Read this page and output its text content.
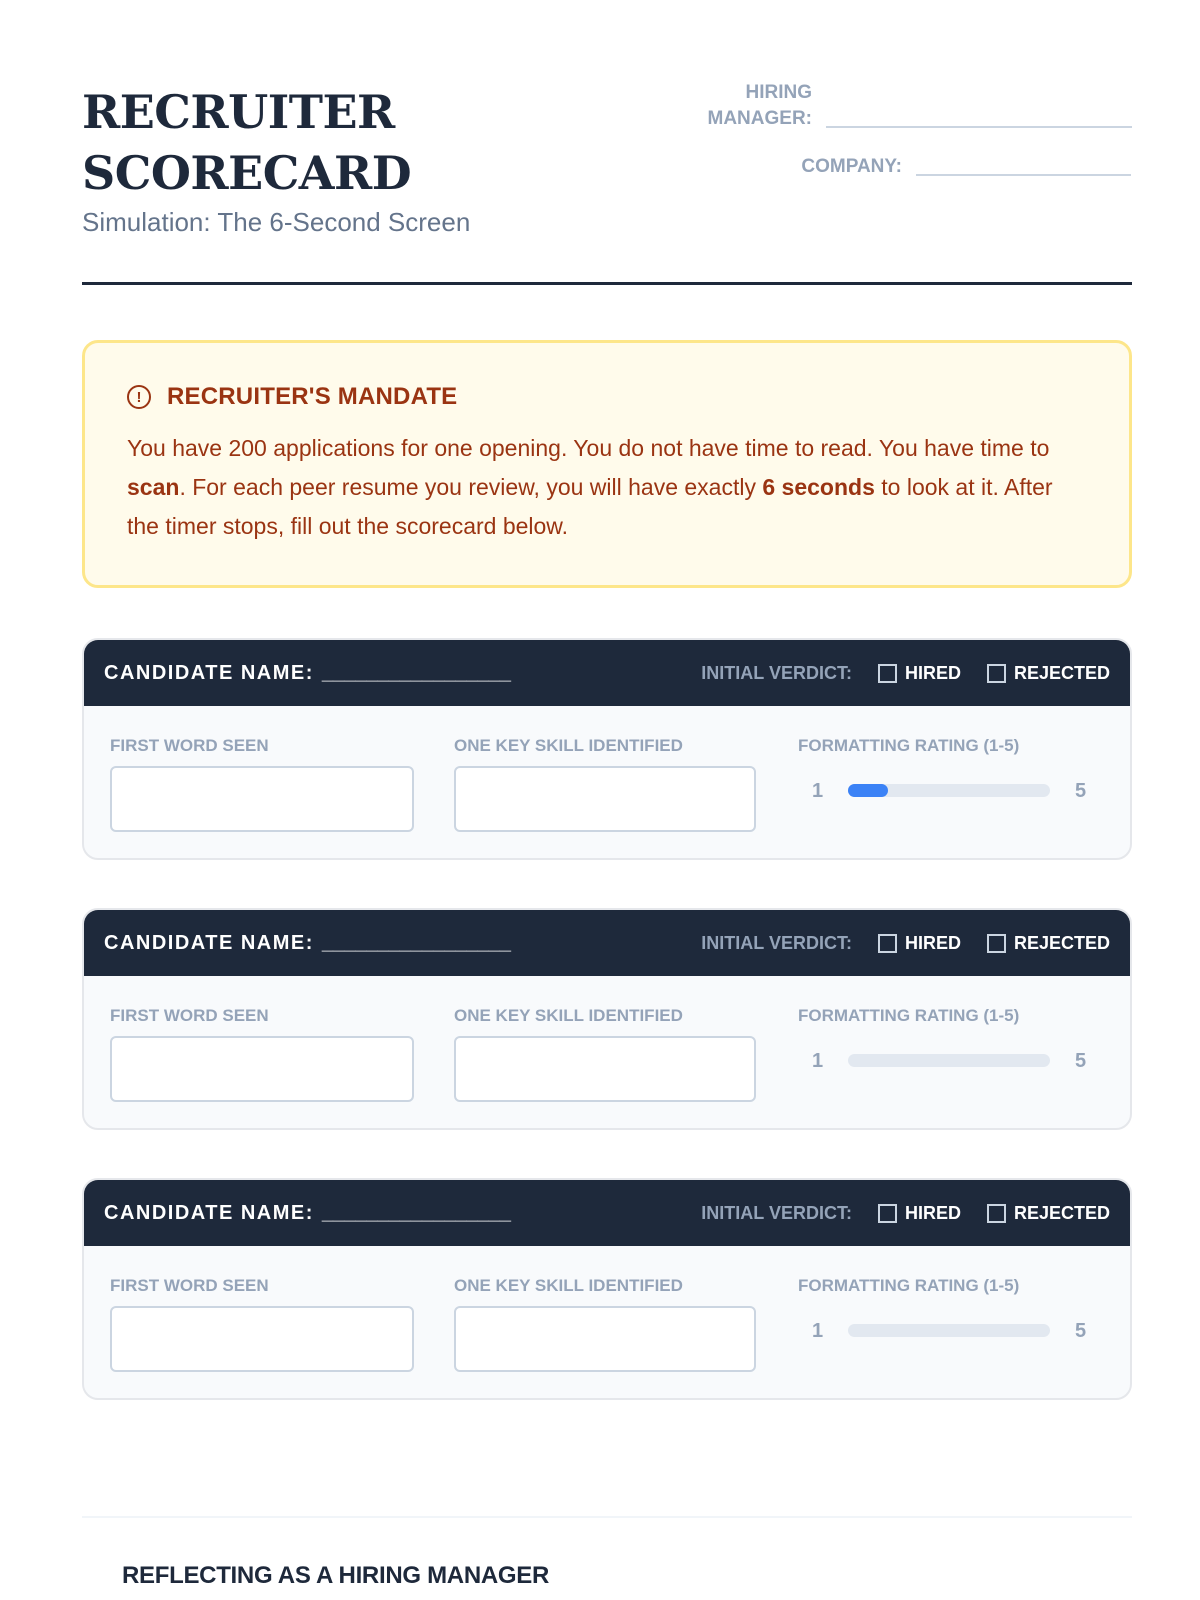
RECRUITER
SCORECARD
Simulation: The 6-Second Screen
HIRING
MANAGER:
COMPANY:
!	RECRUITER'S MANDATE

You have 200 applications for one opening. You do not have time to read. You have time to scan. For each peer resume you review, you will have exactly 6 seconds to look at it. After the timer stops, fill out the scorecard below.

CANDIDATE NAME: _________________	INITIAL VERDICT:	HIRED	REJECTED
FIRST WORD SEEN	ONE KEY SKILL IDENTIFIED	FORMATTING RATING (1-5)
1	5
CANDIDATE NAME: _________________	INITIAL VERDICT:	HIRED	REJECTED
FIRST WORD SEEN	ONE KEY SKILL IDENTIFIED	FORMATTING RATING (1-5)
1	5
CANDIDATE NAME: _________________	INITIAL VERDICT:	HIRED	REJECTED
FIRST WORD SEEN	ONE KEY SKILL IDENTIFIED	FORMATTING RATING (1-5)
1	5
REFLECTING AS A HIRING MANAGER
